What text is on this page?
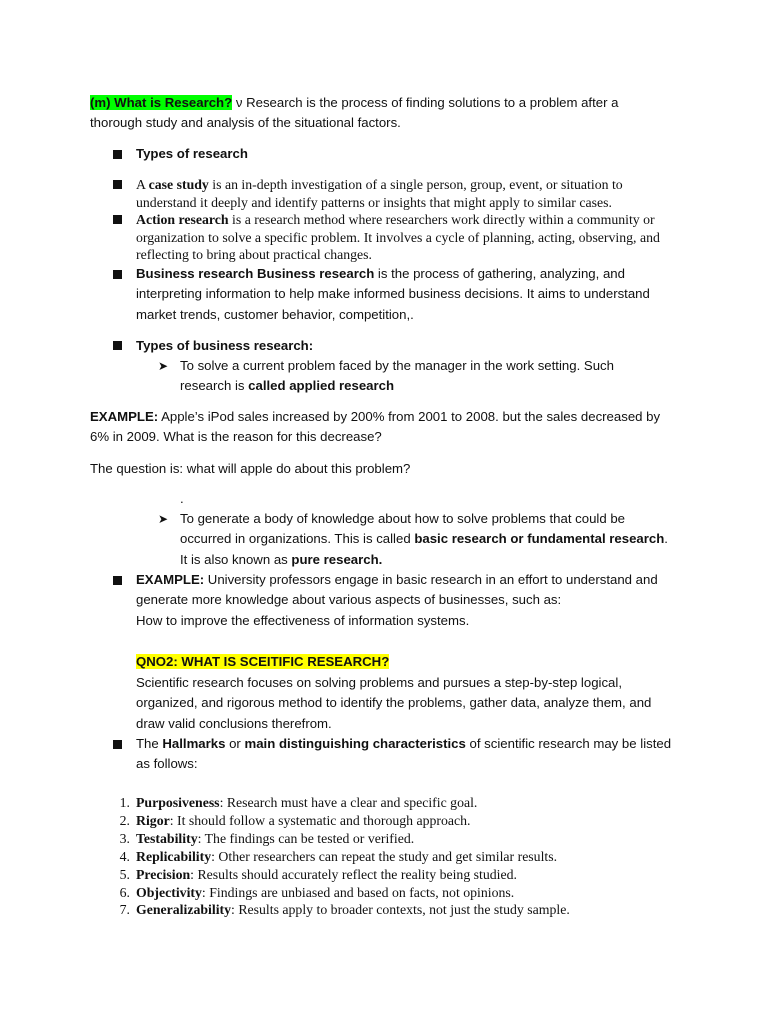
(m) What is Research? ν Research is the process of finding solutions to a problem after a
thorough study and analysis of the situational factors.

Types of research

A case study is an in-depth investigation of a single person, group, event, or situation to understand it deeply and identify patterns or insights that might apply to similar cases.

Action research is a research method where researchers work directly within a community or organization to solve a specific problem. It involves a cycle of planning, acting, observing, and reflecting to bring about practical changes.

Business research Business research is the process of gathering, analyzing, and interpreting information to help make informed business decisions. It aims to understand market trends, customer behavior, competition,.

Types of business research:

➤ To solve a current problem faced by the manager in the work setting. Such research is called applied research

EXAMPLE: Apple’s iPod sales increased by 200% from 2001 to 2008. but the sales decreased by 6% in 2009. What is the reason for this decrease?

The question is: what will apple do about this problem?

.

➤ To generate a body of knowledge about how to solve problems that could be occurred in organizations. This is called basic research or fundamental research. It is also known as pure research.

EXAMPLE: University professors engage in basic research in an effort to understand and generate more knowledge about various aspects of businesses, such as:
How to improve the effectiveness of information systems.

QNO2: WHAT IS SCEITIFIC RESEARCH?

Scientific research focuses on solving problems and pursues a step-by-step logical, organized, and rigorous method to identify the problems, gather data, analyze them, and draw valid conclusions therefrom.

The Hallmarks or main distinguishing characteristics of scientific research may be listed as follows:

1. Purposiveness: Research must have a clear and specific goal.
2. Rigor: It should follow a systematic and thorough approach.
3. Testability: The findings can be tested or verified.
4. Replicability: Other researchers can repeat the study and get similar results.
5. Precision: Results should accurately reflect the reality being studied.
6. Objectivity: Findings are unbiased and based on facts, not opinions.
7. Generalizability: Results apply to broader contexts, not just the study sample.
